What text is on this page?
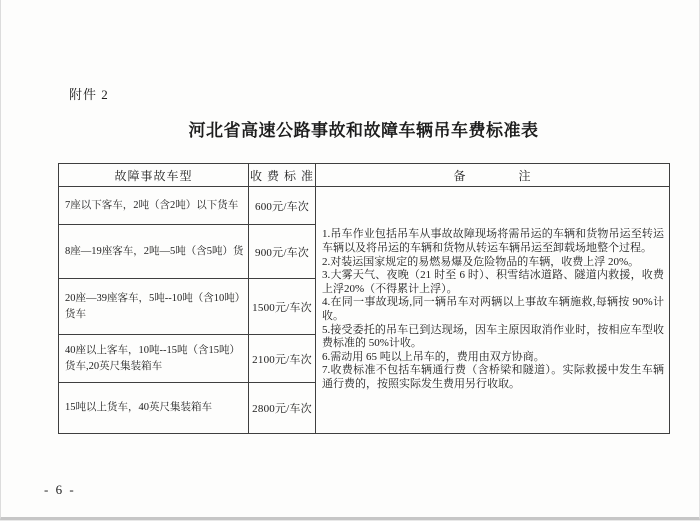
附件 2
河北省高速公路事故和故障车辆吊车费标准表
故障事故车型	收 费 标 准	备　　　　注
7座以下客车，2吨（含2吨）以下货车	600元/车次	

1.吊车作业包括吊车从事故故障现场将需吊运的车辆和货物吊运至转运车辆以及将吊运的车辆和货物从转运车辆吊运至卸载场地整个过程。

2.对装运国家规定的易燃易爆及危险物品的车辆，收费上浮 20%。

3.大雾天气、夜晚（21 时至 6 时）、积雪结冰道路、隧道内救援，收费上浮20%（不得累计上浮）。

4.在同一事故现场,同一辆吊车对两辆以上事故车辆施救,每辆按 90%计收。

5.接受委托的吊车已到达现场，因车主原因取消作业时，按相应车型收费标准的 50%计收。

6.需动用 65 吨以上吊车的，费用由双方协商。

7.收费标准不包括车辆通行费（含桥梁和隧道）。实际救援中发生车辆通行费的，按照实际发生费用另行收取。

8座—19座客车，2吨—5吨（含5吨）货	900元/车次	
20座—39座客车，5吨--10吨（含10吨）货车	1500元/车次	
40座以上客车，10吨--15吨（含15吨）货车,20英尺集装箱车	2100元/车次	
15吨以上货车，40英尺集装箱车	2800元/车次	
- 6 -
